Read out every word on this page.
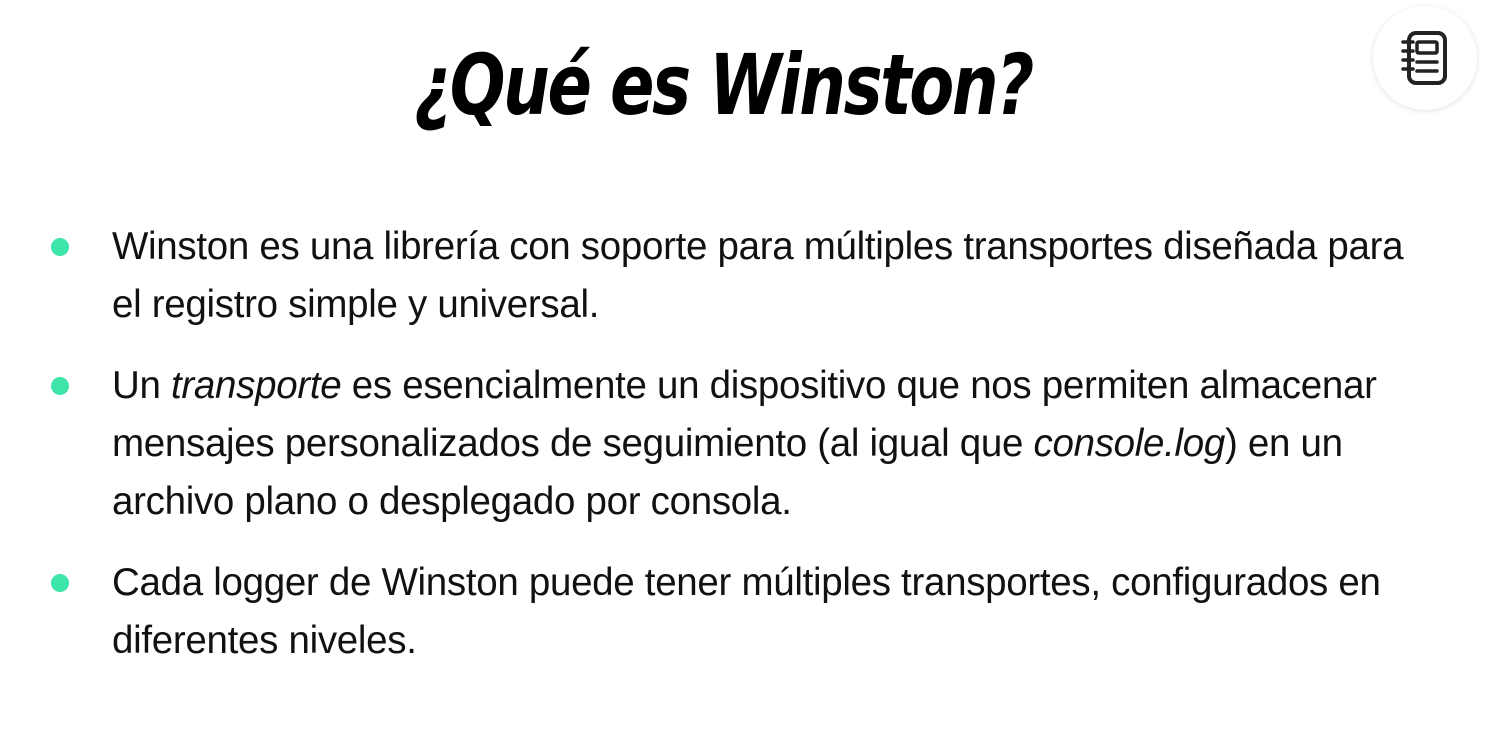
¿Qué es Winston?
Winston es una librería con soporte para múltiples transportes diseñada para el registro simple y universal.
Un transporte es esencialmente un dispositivo que nos permiten almacenar mensajes personalizados de seguimiento (al igual que console.log) en un archivo plano o desplegado por consola.
Cada logger de Winston puede tener múltiples transportes, configurados en diferentes niveles.
